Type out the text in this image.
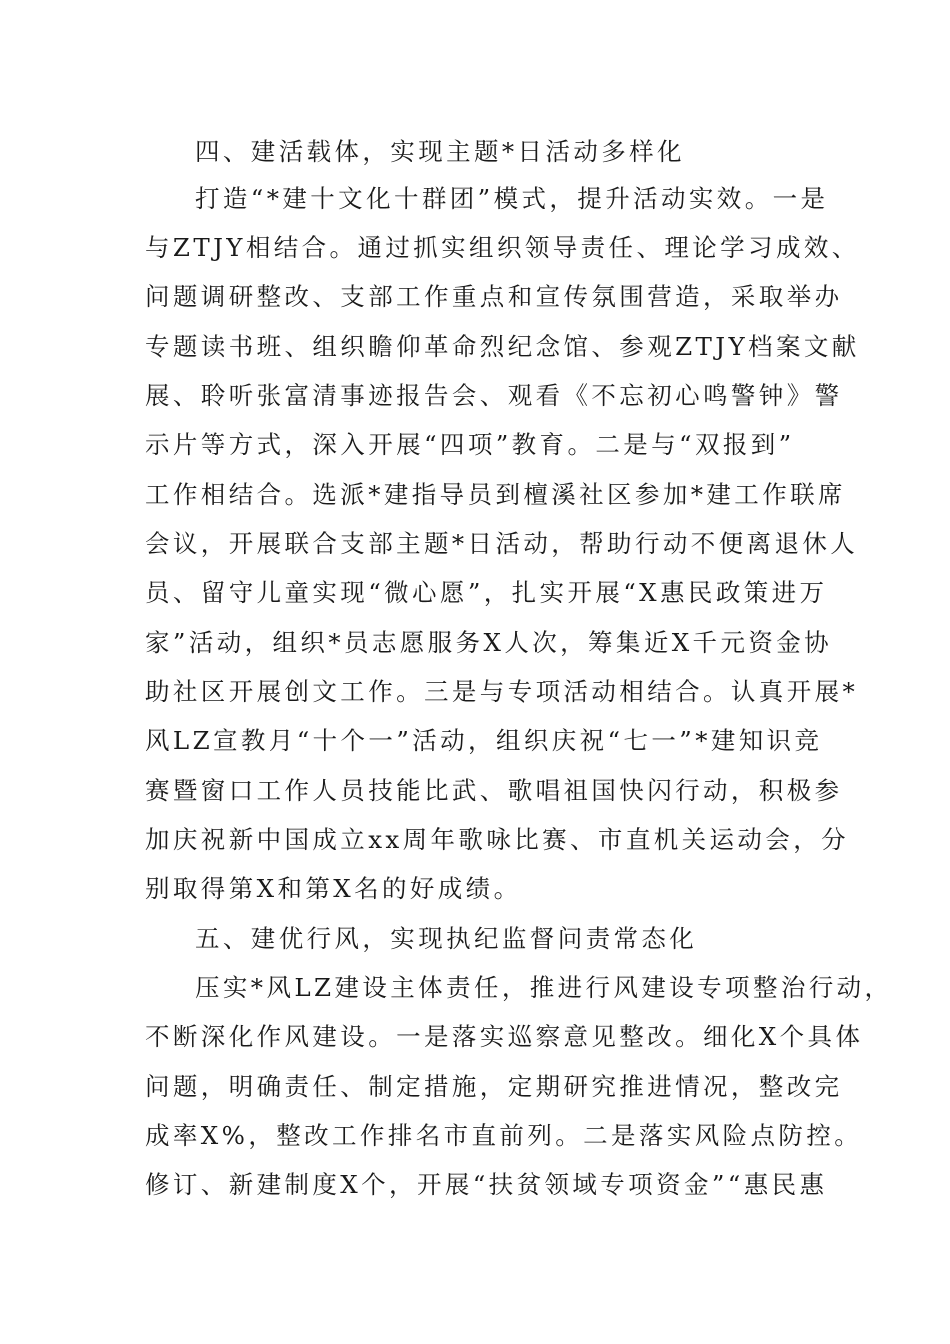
四、建活载体，实现主题*日活动多样化

打造“*建十文化十群团”模式，提升活动实效。一是

与ZTJY相结合。通过抓实组织领导责任、理论学习成效、

问题调研整改、支部工作重点和宣传氛围营造，采取举办

专题读书班、组织瞻仰革命烈纪念馆、参观ZTJY档案文献

展、聆听张富清事迹报告会、观看《不忘初心鸣警钟》警

示片等方式，深入开展“四项”教育。二是与“双报到”

工作相结合。选派*建指导员到檀溪社区参加*建工作联席

会议，开展联合支部主题*日活动，帮助行动不便离退休人

员、留守儿童实现“微心愿”，扎实开展“X惠民政策进万

家”活动，组织*员志愿服务X人次，筹集近X千元资金协

助社区开展创文工作。三是与专项活动相结合。认真开展*

风LZ宣教月“十个一”活动，组织庆祝“七一”*建知识竞

赛暨窗口工作人员技能比武、歌唱祖国快闪行动，积极参

加庆祝新中国成立xx周年歌咏比赛、市直机关运动会，分

别取得第X和第X名的好成绩。

五、建优行风，实现执纪监督问责常态化

压实*风LZ建设主体责任，推进行风建设专项整治行动，

不断深化作风建设。一是落实巡察意见整改。细化X个具体

问题，明确责任、制定措施，定期研究推进情况，整改完

成率X%，整改工作排名市直前列。二是落实风险点防控。

修订、新建制度X个，开展“扶贫领域专项资金”“惠民惠
